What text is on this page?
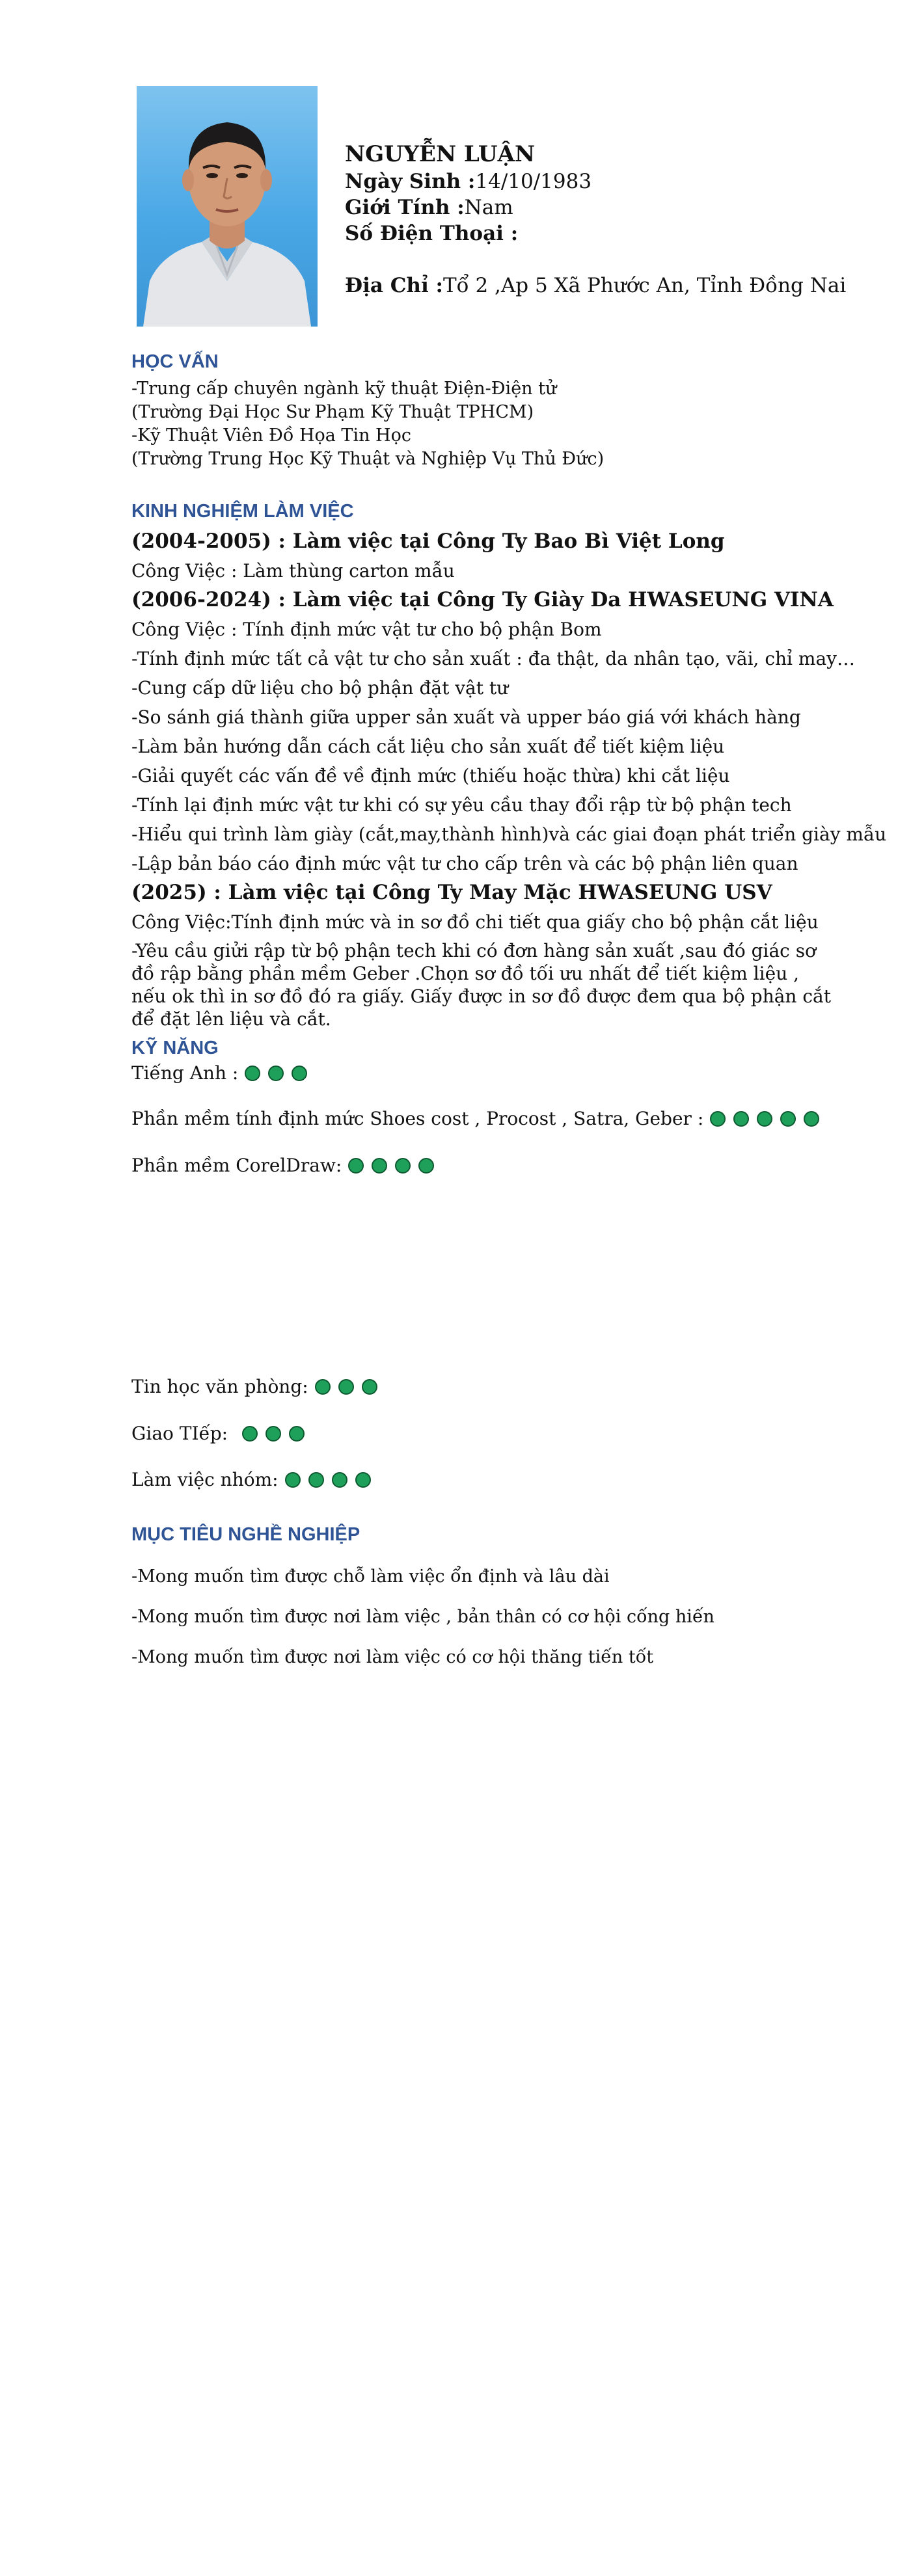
NGUYỄN LUẬN
Ngày Sinh :14/10/1983
Giới Tính :Nam
Số Điện Thoại :
Địa Chỉ :Tổ 2 ,Ap 5 Xã Phước An, Tỉnh Đồng Nai
HỌC VẤN
-Trung cấp chuyên ngành kỹ thuật Điện-Điện tử
(Trường Đại Học Sư Phạm Kỹ Thuật TPHCM)
-Kỹ Thuật Viên Đồ Họa Tin Học
(Trường Trung Học Kỹ Thuật và Nghiệp Vụ Thủ Đức)
KINH NGHIỆM LÀM VIỆC
(2004-2005) : Làm việc tại Công Ty Bao Bì Việt Long
Công Việc : Làm thùng carton mẫu
(2006-2024) : Làm việc tại Công Ty Giày Da HWASEUNG VINA
Công Việc : Tính định mức vật tư cho bộ phận Bom
-Tính định mức tất cả vật tư cho sản xuất : đa thật, da nhân tạo, vãi, chỉ may…
-Cung cấp dữ liệu cho bộ phận đặt vật tư
-So sánh giá thành giữa upper sản xuất và upper báo giá với khách hàng
-Làm bản hướng dẫn cách cắt liệu cho sản xuất để tiết kiệm liệu
-Giải quyết các vấn đề về định mức (thiếu hoặc thừa) khi cắt liệu
-Tính lại định mức vật tư khi có sự yêu cầu thay đổi rập từ bộ phận tech
-Hiểu qui trình làm giày (cắt,may,thành hình)và các giai đoạn phát triển giày mẫu
-Lập bản báo cáo định mức vật tư cho cấp trên và các bộ phận liên quan
(2025) : Làm việc tại Công Ty May Mặc HWASEUNG USV
Công Việc:Tính định mức và in sơ đồ chi tiết qua giấy cho bộ phận cắt liệu
-Yêu cầu giửi rập từ bộ phận tech khi có đơn hàng sản xuất ,sau đó giác sơ đồ rập bằng phần mềm Geber .Chọn sơ đồ tối ưu nhất để tiết kiệm liệu , nếu ok thì in sơ đồ đó ra giấy. Giấy được in sơ đồ được đem qua bộ phận cắt để đặt lên liệu và cắt.
KỸ NĂNG
Tiếng Anh :
Phần mềm tính định mức Shoes cost , Procost , Satra, Geber :
Phần mềm CorelDraw:
Tin học văn phòng:
Giao TIếp:
Làm việc nhóm:
MỤC TIÊU NGHỀ NGHIỆP
-Mong muốn tìm được chỗ làm việc ổn định và lâu dài
-Mong muốn tìm được nơi làm việc , bản thân có cơ hội cống hiến
-Mong muốn tìm được nơi làm việc có cơ hội thăng tiến tốt
